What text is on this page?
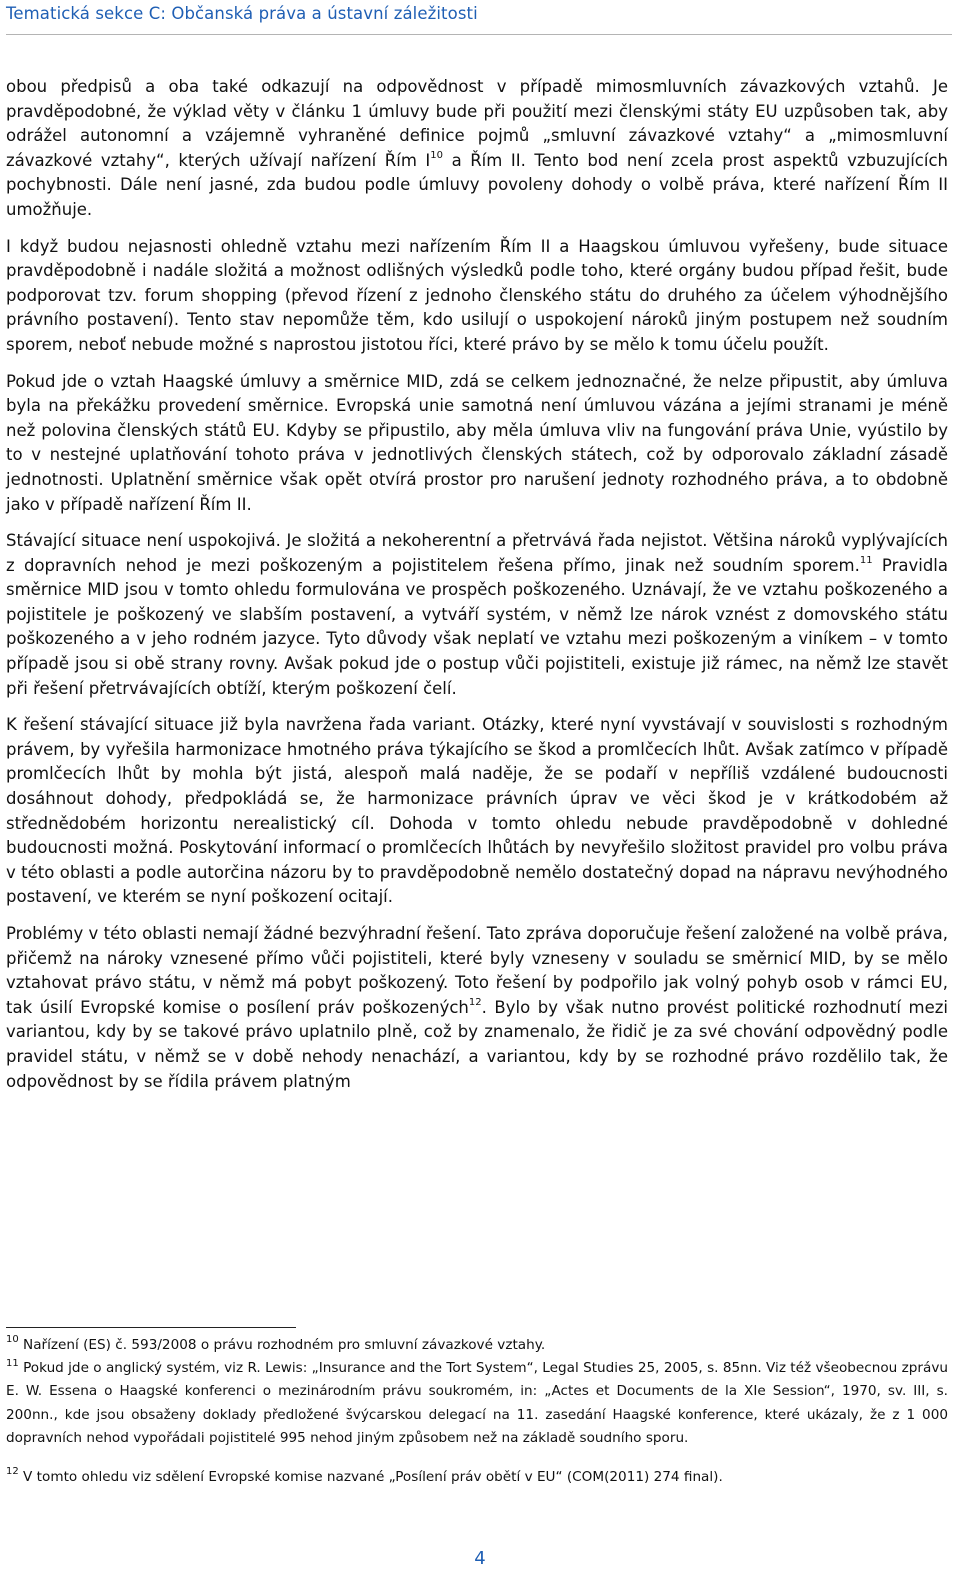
Tematická sekce C: Občanská práva a ústavní záležitosti

obou předpisů a oba také odkazují na odpovědnost v případě mimosmluvních závazkových vztahů. Je pravděpodobné, že výklad věty v článku 1 úmluvy bude při použití mezi členskými státy EU uzpůsoben tak, aby odrážel autonomní a vzájemně vyhraněné definice pojmů „smluvní závazkové vztahy“ a „mimosmluvní závazkové vztahy“, kterých užívají nařízení Řím $I^{10}$ a Řím II. Tento bod není zcela prost aspektů vzbuzujících pochybnosti. Dále není jasné, zda budou podle úmluvy povoleny dohody o volbě práva, které nařízení Řím II umožňuje.

I když budou nejasnosti ohledně vztahu mezi nařízením Řím II a Haagskou úmluvou vyřešeny, bude situace pravděpodobně i nadále složitá a možnost odlišných výsledků podle toho, které orgány budou případ řešit, bude podporovat tzv. forum shopping (převod řízení z jednoho členského státu do druhého za účelem výhodnějšího právního postavení). Tento stav nepomůže těm, kdo usilují o uspokojení nároků jiným postupem než soudním sporem, neboť nebude možné s naprostou jistotou říci, které právo by se mělo k tomu účelu použít.

Pokud jde o vztah Haagské úmluvy a směrnice MID, zdá se celkem jednoznačné, že nelze připustit, aby úmluva byla na překážku provedení směrnice. Evropská unie samotná není úmluvou vázána a jejími stranami je méně než polovina členských států EU. Kdyby se připustilo, aby měla úmluva vliv na fungování práva Unie, vyústilo by to v nestejné uplatňování tohoto práva v jednotlivých členských státech, což by odporovalo základní zásadě jednotnosti. Uplatnění směrnice však opět otvírá prostor pro narušení jednoty rozhodného práva, a to obdobně jako v případě nařízení Řím II.

Stávající situace není uspokojivá. Je složitá a nekoherentní a přetrvává řada nejistot. Většina nároků vyplývajících z dopravních nehod je mezi poškozeným a pojistitelem řešena přímo, jinak než soudním sporem.$^{11}$ Pravidla směrnice MID jsou v tomto ohledu formulována ve prospěch poškozeného. Uznávají, že ve vztahu poškozeného a pojistitele je poškozený ve slabším postavení, a vytváří systém, v němž lze nárok vznést z domovského státu poškozeného a v jeho rodném jazyce. Tyto důvody však neplatí ve vztahu mezi poškozeným a viníkem – v tomto případě jsou si obě strany rovny. Avšak pokud jde o postup vůči pojistiteli, existuje již rámec, na němž lze stavět při řešení přetrvávajících obtíží, kterým poškození čelí.

K řešení stávající situace již byla navržena řada variant. Otázky, které nyní vyvstávají v souvislosti s rozhodným právem, by vyřešila harmonizace hmotného práva týkajícího se škod a promlčecích lhůt. Avšak zatímco v případě promlčecích lhůt by mohla být jistá, alespoň malá naděje, že se podaří v nepříliš vzdálené budoucnosti dosáhnout dohody, předpokládá se, že harmonizace právních úprav ve věci škod je v krátkodobém až střednědobém horizontu nerealistický cíl. Dohoda v tomto ohledu nebude pravděpodobně v dohledné budoucnosti možná. Poskytování informací o promlčecích lhůtách by nevyřešilo složitost pravidel pro volbu práva v této oblasti a podle autorčina názoru by to pravděpodobně nemělo dostatečný dopad na nápravu nevýhodného postavení, ve kterém se nyní poškození ocitají.

Problémy v této oblasti nemají žádné bezvýhradní řešení. Tato zpráva doporučuje řešení založené na volbě práva, přičemž na nároky vznesené přímo vůči pojistiteli, které byly vzneseny v souladu se směrnicí MID, by se mělo vztahovat právo státu, v němž má pobyt poškozený. Toto řešení by podpořilo jak volný pohyb osob v rámci EU, tak úsilí Evropské komise o posílení práv poškozených$^{12}$. Bylo by však nutno provést politické rozhodnutí mezi variantou, kdy by se takové právo uplatnilo plně, což by znamenalo, že řidič je za své chování odpovědný podle pravidel státu, v němž se v době nehody nenachází, a variantou, kdy by se rozhodné právo rozdělilo tak, že odpovědnost by se řídila právem platným

$^{10}$ Nařízení (ES) č. 593/2008 o právu rozhodném pro smluvní závazkové vztahy.

$^{11}$ Pokud jde o anglický systém, viz R. Lewis: „Insurance and the Tort System“, Legal Studies 25, 2005, s. 85nn. Viz též všeobecnou zprávu E. W. Essena o Haagské konferenci o mezinárodním právu soukromém, in: „Actes et Documents de la XIe Session“, 1970, sv. III, s. 200nn., kde jsou obsaženy doklady předložené švýcarskou delegací na 11. zasedání Haagské konference, které ukázaly, že z 1 000 dopravních nehod vypořádali pojistitelé 995 nehod jiným způsobem než na základě soudního sporu.

$^{12}$ V tomto ohledu viz sdělení Evropské komise nazvané „Posílení práv obětí v EU“ (COM(2011) 274 final).

4
